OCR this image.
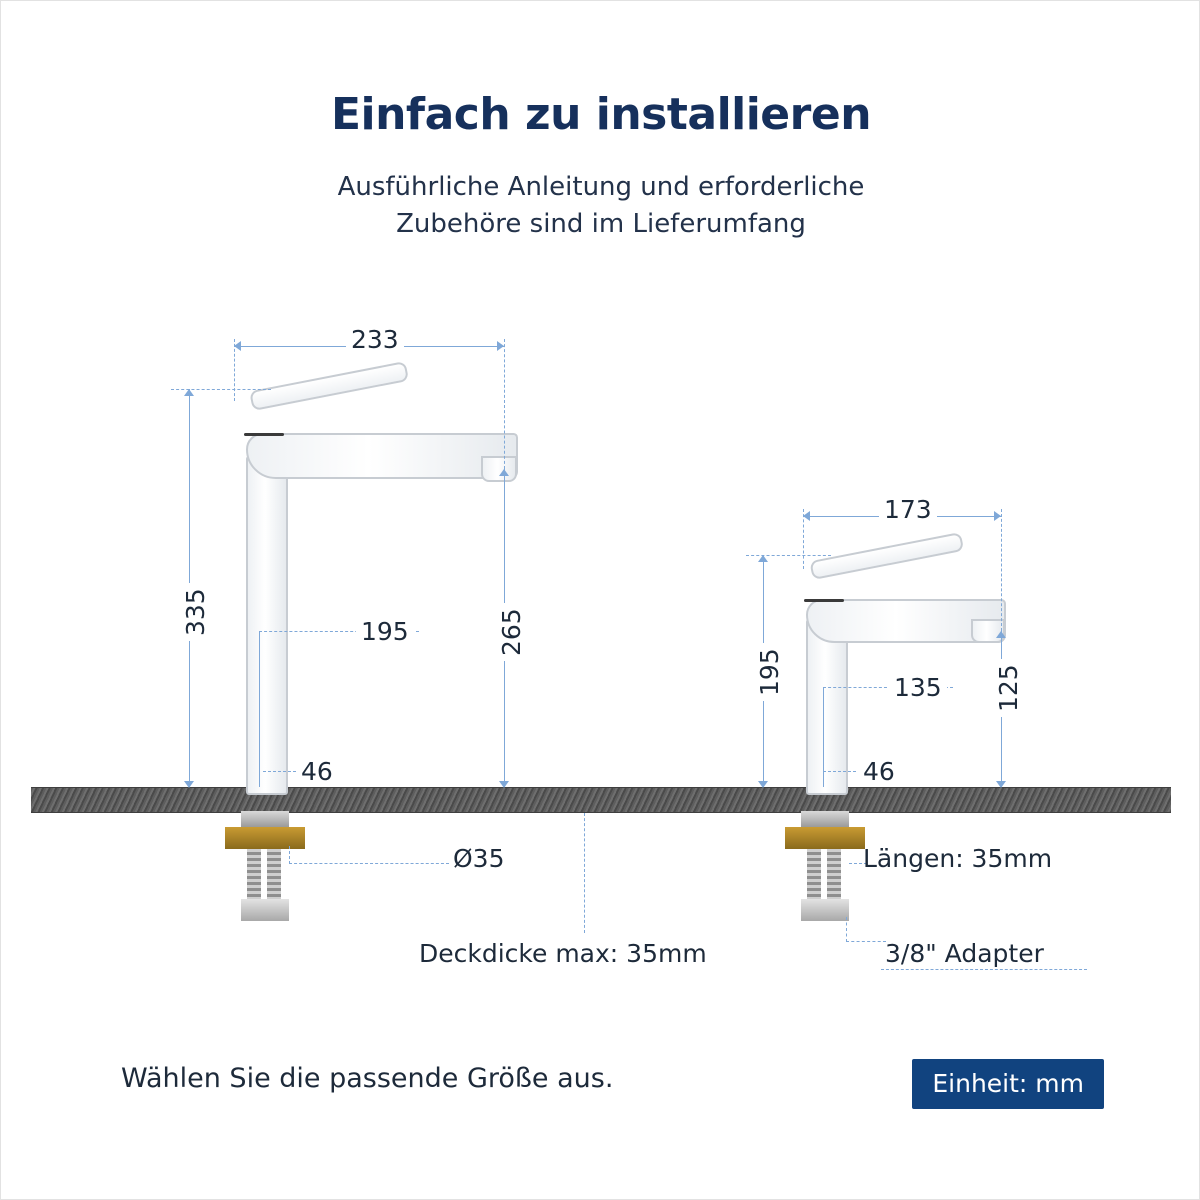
Einfach zu installieren
Ausführliche Anleitung und erforderliche
Zubehöre sind im Lieferumfang
233
335	195	265
46
Ø35
Deckdicke max: 35mm
173
195	135 125
46
Längen: 35mm
3/8" Adapter
Wählen Sie die passende Größe aus.	Einheit: mm
